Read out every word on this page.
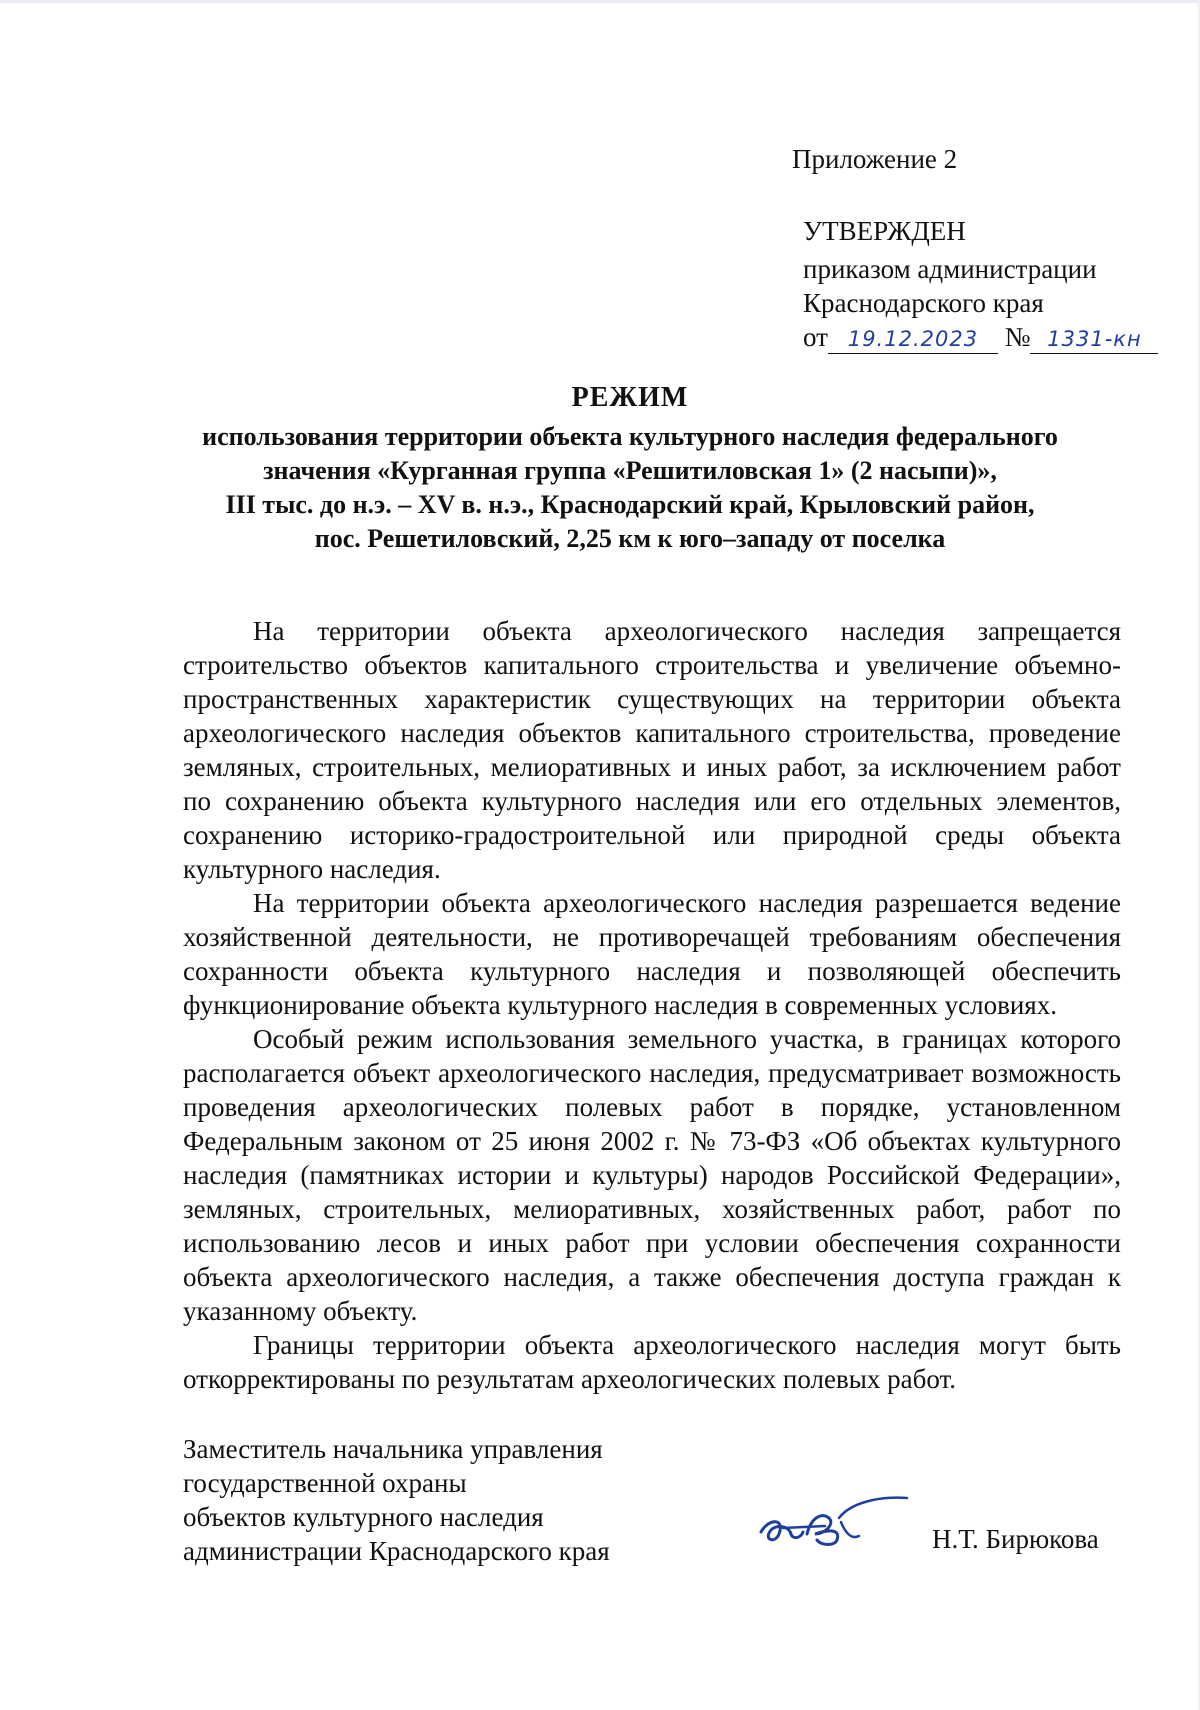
Приложение 2
УТВЕРЖДЕН
приказом администрации
Краснодарского края
от 19.12.2023 № 1331-кн
РЕЖИМ
использования территории объекта культурного наследия федерального
значения «Курганная группа «Решитиловская 1» (2 насыпи)»,
III тыс. до н.э. – XV в. н.э., Краснодарский край, Крыловский район,
пос. Решетиловский, 2,25 км к юго–западу от поселка

На территории объекта археологического наследия запрещается строительство объектов капитального строительства и увеличение объемно-пространственных характеристик существующих на территории объекта археологического наследия объектов капитального строительства, проведение земляных, строительных, мелиоративных и иных работ, за исключением работ по сохранению объекта культурного наследия или его отдельных элементов, сохранению историко-градостроительной или природной среды объекта культурного наследия.

На территории объекта археологического наследия разрешается ведение хозяйственной деятельности, не противоречащей требованиям обеспечения сохранности объекта культурного наследия и позволяющей обеспечить функционирование объекта культурного наследия в современных условиях.

Особый режим использования земельного участка, в границах которого располагается объект археологического наследия, предусматривает возможность проведения археологических полевых работ в порядке, установленном Федеральным законом от 25 июня 2002 г. № 73-ФЗ «Об объектах культурного наследия (памятниках истории и культуры) народов Российской Федерации», земляных, строительных, мелиоративных, хозяйственных работ, работ по использованию лесов и иных работ при условии обеспечения сохранности объекта археологического наследия, а также обеспечения доступа граждан к указанному объекту.

Границы территории объекта археологического наследия могут быть откорректированы по результатам археологических полевых работ.

Заместитель начальника управления
государственной охраны
объектов культурного наследия
администрации Краснодарского края	Н.Т. Бирюкова
